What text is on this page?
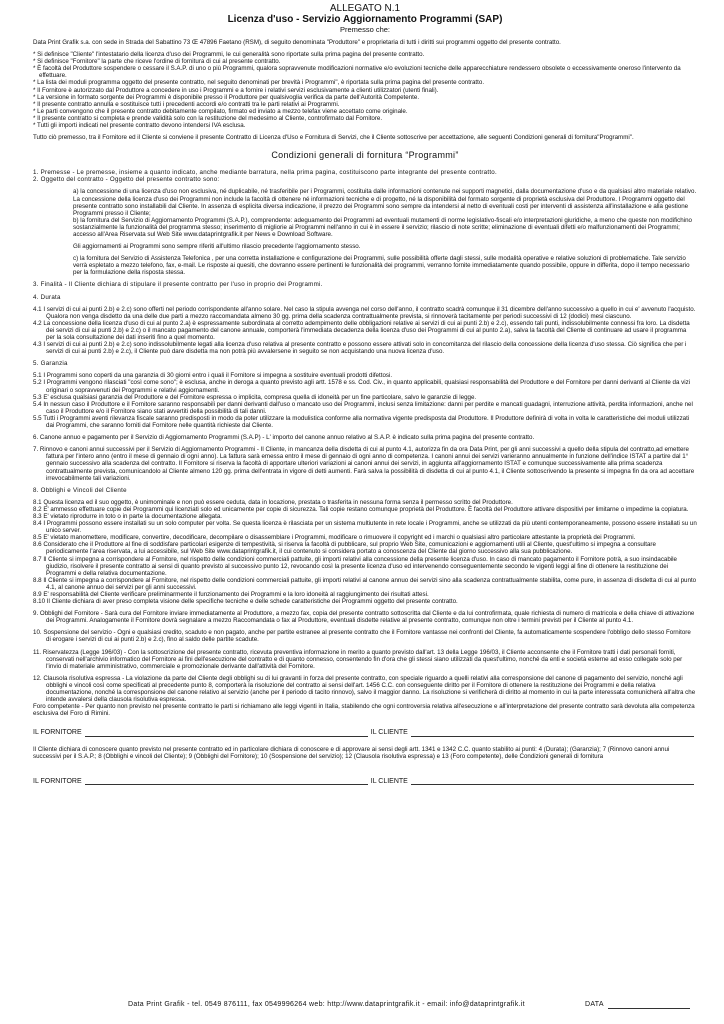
ALLEGATO N.1
Licenza d'uso - Servizio Aggiornamento Programmi (SAP)
Premesso che:

Data Print Grafik s.a. con sede in Strada del Sabattino 73 Œ 47896 Faetano (RSM), di seguito denominata "Produttore" e proprietaria di tutti i diritti sui programmi oggetto del presente contratto.

* Si definisce "Cliente" l'intestatario della licenza d'uso dei Programmi, le cui generalità sono riportate sulla prima pagina del presente contratto.

* Si definisce "Fornitore" la parte che riceve l'ordine di fornitura di cui al presente contratto.

* È facoltà del Produttore sospendere o cessare il S.A.P. di uno o più Programmi, qualora sopravvenute modificazioni normative e/o evoluzioni tecniche delle apparecchiature rendessero obsolete o eccessivamente oneroso l'intervento da effettuare.

* La lista dei moduli programma oggetto del presente contratto, nel seguito denominati per brevità i Programmi", è riportata sulla prima pagina del presente contratto.

* Il Fornitore è autorizzato dal Produttore a concedere in uso i Programmi e a fornire i relativi servizi esclusivamente a clienti utilizzatori (utenti finali).

* La versione in formato sorgente dei Programmi è disponibile presso il Produttore per qualsivoglia verifica da parte dell'Autorità Competente.

* Il presente contratto annulla e sostituisce tutti i precedenti accordi e/o contratti tra le parti relativi ai Programmi.

* Le parti convengono che il presente contratto debitamente compilato, firmato ed inviato a mezzo telefax viene accettato come originale.

* Il presente contratto si completa e prende validità solo con la restituzione del medesimo al Cliente, controfirmato dal Fornitore.

* Tutti gli importi indicati nel presente contratto devono intendersi IVA esclusa.

Tutto ciò premesso, tra il Fornitore ed il Cliente si conviene il presente Contratto di Licenza d'Uso e Fornitura di Servizi, che il Cliente sottoscrive per accettazione, alle seguenti Condizioni generali di fornitura"Programmi".

Condizioni generali di fornitura “Programmi”

1. Premesse - Le premesse, insieme a quanto indicato, anche mediante barratura, nella prima pagina, costituiscono parte integrante del presente contratto.

2. Oggetto del contratto - Oggetto del presente contratto sono:

a) la concessione di una licenza d'uso non esclusiva, né duplicabile, né trasferibile per i Programmi, costituita dalle informazioni contenute nei supporti magnetici, dalla documentazione d'uso e da qualsiasi altro materiale relativo. La concessione della licenza d'uso dei Programmi non include la facoltà di ottenere né informazioni tecniche e di progetto, né la disponibilità del formato sorgente di proprietà esclusiva del Produttore. I Programmi oggetto del presente contratto sono installabili dal Cliente. In assenza di esplicita diversa indicazione, il prezzo dei Programmi sono sempre da intendersi al netto di eventuali costi per interventi di assistenza all'installazione e alla gestione Programmi presso il Cliente;

b) la fornitura del Servizio di Aggiornamento Programmi (S.A.P.), comprendente: adeguamento dei Programmi ad eventuali mutamenti di norme legislativo-fiscali e/o interpretazioni giuridiche, a meno che queste non modifichino sostanzialmente la funzionalità del programma stesso; inserimento di migliorie ai Programmi nell'anno in cui è in essere il servizio; rilascio di note scritte; eliminazione di eventuali difetti e/o malfunzionamenti dei Programmi; accesso all'Area Riservata sul Web Site www.dataprintgrafik.it per News e Download Software.

Gli aggiornamenti ai Programmi sono sempre riferiti all'ultimo rilascio precedente l'aggiornamento stesso.

c) la fornitura del Servizio di Assistenza Telefonica , per una corretta installazione e configurazione dei Programmi, sulle possibilità offerte dagli stessi, sulle modalità operative e relative soluzioni di problematiche. Tale servizio verrà espletato a mezzo telefono, fax, e-mail. Le risposte ai quesiti, che dovranno essere pertinenti le funzionalità dei programmi, verranno fornite immediatamente quando possibile, oppure in differita, dopo il tempo necessario per la formulazione della risposta stessa.

3. Finalità - Il Cliente dichiara di stipulare il presente contratto per l'uso in proprio dei Programmi.

4. Durata

4.1 I servizi di cui ai punti 2.b) e 2.c) sono offerti nel periodo corrispondente all'anno solare. Nel caso la stipula avvenga nel corso dell'anno, il contratto scadrà comunque il 31 dicembre dell'anno successivo a quello in cui e' avvenuto l'acquisto. Qualora non venga disdetto da una delle due parti a mezzo raccomandata almeno 30 gg. prima della scadenza contrattualmente prevista, si rinnoverà tacitamente per periodi successivi di 12 (dodici) mesi ciascuno.

4.2 La concessione della licenza d'uso di cui al punto 2.a) è espressamente subordinata al corretto adempimento delle obbligazioni relative ai servizi di cui ai punti 2.b) e 2.c), essendo tali punti, indissolubilmente connessi fra loro. La disdetta dei servizi di cui ai punti 2.b) e 2.c) o il mancato pagamento del canone annuale, comporterà l'immediata decadenza della licenza d'uso dei Programmi di cui al punto 2.a), salva la facoltà del Cliente di continuare ad usare il programma per la sola consultazione dei dati inseriti fino a quel momento.

4.3 I servizi di cui ai punti 2.b) e 2.c) sono indissolubilmente legati alla licenza d'uso relativa al presente contratto e possono essere attivati solo in concomitanza del rilascio della concessione della licenza d'uso stessa. Ciò significa che per i servizi di cui ai punti 2.b) e 2.c), il Cliente può dare disdetta ma non potrà più avvalersene in seguito se non acquistando una nuova licenza d'uso.

5. Garanzia

5.1 I Programmi sono coperti da una garanzia di 30 giorni entro i quali il Fornitore si impegna a sostituire eventuali prodotti difettosi.

5.2 I Programmi vengono rilasciati "così come sono"; è esclusa, anche in deroga a quanto previsto agli artt. 1578 e ss. Cod. Civ., in quanto applicabili, qualsiasi responsabilità del Produttore e del Fornitore per danni derivanti al Cliente da vizi originari o sopravvenuti dei Programmi e relativi aggiornamenti.

5.3 E' esclusa qualsiasi garanzia del Produttore e del Fornitore espressa o implicita, compresa quella di idoneità per un fine particolare, salvo le garanzie di legge.

5.4 In nessun caso il Produttore e il Fornitore saranno responsabili per danni derivanti dall'uso o mancato uso dei Programmi, inclusi senza limitazione: danni per perdite e mancati guadagni, interruzione attività, perdita informazioni, anche nel caso il Produttore e/o il Fornitore siano stati avvertiti della possibilità di tali danni.

5.5 Tutti i Programmi aventi rilevanza fiscale saranno predisposti in modo da poter utilizzare la modulistica conforme alla normativa vigente predisposta dal Produttore. Il Produttore definirà di volta in volta le caratteristiche dei moduli utilizzati dai Programmi, che saranno forniti dal Fornitore nelle quantità richieste dal Cliente.

6. Canone annuo e pagamento per il Servizio di Aggiornamento Programmi (S.A.P) - L' importo del canone annuo relativo al S.A.P. è indicato sulla prima pagina del presente contratto.

7. Rinnovo e canoni annui successivi per il Servizio di Aggiornamento Programmi - Il Cliente, in mancanza della disdetta di cui al punto 4.1, autorizza fin da ora Data Print, per gli anni successivi a quello della stipula del contratto,ad emettere fattura per l'intero anno (entro il mese di gennaio di ogni anno). La fattura sarà emessa entro il mese di gennaio di ogni anno di competenza. I canoni annui dei servizi varieranno annualmente in funzione dell'indice ISTAT a partire dal 1° gennaio successivo alla scadenza del contratto. Il Fornitore si riserva la facoltà di apportare ulteriori variazioni ai canoni annui dei servizi, in aggiunta all'aggiornamento ISTAT e comunque successivamente alla prima scadenza contrattualmente prevista, comunicandolo al Cliente almeno 120 gg. prima dell'entrata in vigore di detti aumenti. Farà salva la possibilità di disdetta di cui al punto 4.1, il Cliente sottoscrivendo la presente si impegna fin da ora ad accettare irrevocabilmente tali variazioni.

8. Obblighi e Vincoli del Cliente

8.1 Questa licenza ed il suo oggetto, è unimominale e non può essere ceduta, data in locazione, prestata o trasferita in nessuna forma senza il permesso scritto del Produttore.

8.2 E' ammesso effettuare copie dei Programmi qui licenziati solo ed unicamente per copie di sicurezza. Tali copie restano comunque proprietà del Produttore. È facoltà del Produttore attivare dispositivi per limitarne o impedirne la copiatura.

8.3 E' vietato riprodurre in toto o in parte la documentazione allegata.

8.4 I Programmi possono essere installati su un solo computer per volta. Se questa licenza è rilasciata per un sistema multiutente in rete locale i Programmi, anche se utilizzati da più utenti contemporaneamente, possono essere installati su un unico server.

8.5 E' vietato manomettere, modificare, convertire, decodificare, decompilare o disassemblare i Programmi, modificare o rimuovere il copyright ed i marchi o qualsiasi altro particolare attestante la proprietà dei Programmi.

8.6 Considerato che il Produttore al fine di soddisfare particolari esigenze di tempestività, si riserva la facoltà di pubblicare, sul proprio Web Site, comunicazioni e aggiornamenti utili al Cliente, quest'ultimo si impegna a consultare periodicamente l'area riservata, a lui accessibile, sul Web Site www.dataprintgrafik.it, il cui contenuto si considera portato a conoscenza del Cliente dal giorno successivo alla sua pubblicazione.

8.7 Il Cliente si impegna a corrispondere al Fornitore, nel rispetto delle condizioni commerciali pattuite, gli importi relativi alla concessione della presente licenza d'uso. In caso di mancato pagamento il Fornitore potrà, a suo insindacabile giudizio, risolvere il presente contratto ai sensi di quanto previsto al successivo punto 12, revocando così la presente licenza d'uso ed intervenendo conseguentemente secondo le vigenti leggi al fine di ottenere la restituzione dei Programmi e della relativa documentazione.

8.8 Il Cliente si impegna a corrispondere al Fornitore, nel rispetto delle condizioni commerciali pattuite, gli importi relativi al canone annuo dei servizi sino alla scadenza contrattualmente stabilita, come pure, in assenza di disdetta di cui al punto 4.1, al canone annuo dei servizi per gli anni successivi.

8.9 E' responsabilità del Cliente verificare preliminarmente il funzionamento dei Programmi e la loro idoneità al raggiungimento dei risultati attesi.

8.10 Il Cliente dichiara di aver preso completa visione delle specifiche tecniche e delle schede caratteristiche dei Programmi oggetto del presente contratto.

9. Obblighi del Fornitore - Sarà cura del Fornitore inviare immediatamente al Produttore, a mezzo fax, copia del presente contratto sottoscritta dal Cliente e da lui controfirmata, quale richiesta di numero di matricola e della chiave di attivazione dei Programmi. Analogamente il Fornitore dovrà segnalare a mezzo Raccomandata o fax al Produttore, eventuali disdette relative al presente contratto, comunque non oltre i termini previsti per il Cliente al punto 4.1.

10. Sospensione del servizio - Ogni e qualsiasi credito, scaduto e non pagato, anche per partite estranee al presente contratto che il Fornitore vantasse nei confronti del Cliente, fa automaticamente sospendere l'obbligo dello stesso Fornitore di erogare i servizi di cui ai punti 2.b) e 2.c), fino al saldo delle partite scadute.

11. Riservatezza (Legge 196/03) - Con la sottoscrizione del presente contratto, ricevuta preventiva informazione in merito a quanto previsto dall'art. 13 della Legge 196/03, il Cliente acconsente che il Fornitore tratti i dati personali forniti, conservati nell'archivio informatico del Fornitore ai fini dell'esecuzione del contratto e di quanto connesso, consentendo fin d'ora che gli stessi siano utilizzati da quest'ultimo, nonché da enti e società esterne ad esso collegate solo per l'invio di materiale amministrativo, commerciale e promozionale derivante dall'attività del Fornitore.

12. Clausola risolutiva espressa - La violazione da parte del Cliente degli obblighi su di lui gravanti in forza del presente contratto, con speciale riguardo a quelli relativi alla corresponsione del canone di pagamento del servizio, nonché agli obblighi e vincoli così come specificati al precedente punto 8, comporterà la risoluzione del contratto ai sensi dell'art. 1456 C.C. con conseguente diritto per il Fornitore di ottenere la restituzione dei Programmi e della relativa documentazione, nonché la corresponsione del canone relativo al servizio (anche per il periodo di tacito rinnovo), salvo il maggior danno. La risoluzione si verificherà di diritto al momento in cui la parte interessata comunicherà all'altra che intende avvalersi della clausola risolutiva espressa.

Foro competente - Per quanto non previsto nel presente contratto le parti si richiamano alle leggi vigenti in Italia, stabilendo che ogni controversia relativa all'esecuzione e all'interpretazione del presente contratto sarà devoluta alla competenza esclusiva del Foro di Rimini.

IL FORNITORE	IL CLIENTE

Il Cliente dichiara di conoscere quanto previsto nel presente contratto ed in particolare dichiara di conoscere e di approvare ai sensi degli artt. 1341 e 1342 C.C. quanto stabilito ai punti: 4 (Durata); (Garanzia); 7 (Rinnovo canoni annui successivi per il S.A.P.; 8 (Obblighi e vincoli del Cliente); 9 (Obblighi del Fornitore); 10 (Sospensione del servizio); 12 (Clausola risolutiva espressa) e 13 (Foro competente), delle Condizioni generali di fornitura

IL FORNITORE	IL CLIENTE
Data Print Grafik - tel. 0549 876111, fax 0549996264 web: http://www.dataprintgrafik.it - email: info@dataprintgrafik.it	DATA
